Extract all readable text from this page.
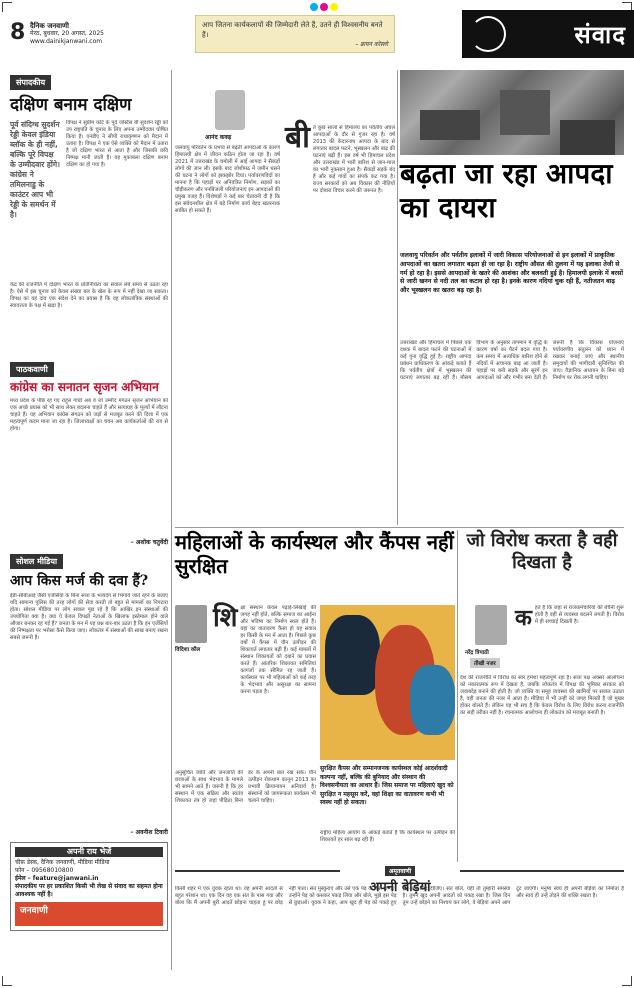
8 दैनिक जनवाणी
मेरठ, बुधवार, 20 अगस्त, 2025
www.dainikjanwani.com
आप जितना कार्यकलापों की जिम्मेदारी लेते हैं, उतने ही विश्वसनीय बनते हैं।
– ब्रायन कोस्लो	संवाद
संपादकीय
दक्षिण बनाम दक्षिण
पूर्व संदिग्ध सुदर्शन रेड्डी केवल इंडिया ब्लॉक के ही नहीं, बल्कि पूरे विपक्ष के उम्मीदवार होंगे। कांग्रेस ने तमिलनाडु के काउंटर आप भी रेड्डी के समर्थन में है।
विपक्ष ने सुप्रीम कोर्ट के पूर्व जस्टिस बी सुदर्शन रेड्डी को उप राष्ट्रपति के चुनाव के लिए अपना उम्मीदवार घोषित किया है। एनडीए ने सीपी राधाकृष्णन को मैदान में उतारा है। विपक्ष ने एक ऐसे व्यक्ति को मैदान में उतारा है जो दक्षिण भारत से आता है और जिसकी छवि निष्पक्ष मानी जाती है। यह मुकाबला दक्षिण बनाम दक्षिण का हो गया है।
केंद्र की राजनीति में दक्षिण भारत के प्रतिनिधित्व का सवाल लंबे समय से उठता रहा है। ऐसे में इस चुनाव को केवल संख्या बल के खेल के रूप में नहीं देखा जा सकता। विपक्ष का यह दांव एक संदेश देने का प्रयास है कि वह लोकतांत्रिक संस्थाओं की स्वायत्तता के पक्ष में खड़ा है।
पाठकवाणी
कांग्रेस का सनातन सृजन अभियान
मध्य प्रदेश के पीछे रह गए राहुल गांधी अब वे जो उम्मीद मंगठन सृजन अभियान को एक अच्छे प्रयास को भी साथ लेकर बदलना चाहते हैं और सत्याग्रह के मूल्यों में लौटना चाहते हैं। यह अभियान कांग्रेस संगठन को जड़ों से मजबूत करने की दिशा में एक महत्वपूर्ण कदम माना जा रहा है। जिलाध्यक्षों का चयन अब कार्यकर्ताओं की राय से होगा।
– अशोक चतुर्वेदी
सोशल मीडिया
आप किस मर्ज की दवा हैं?
ईडी-सीबीआई जैसी एजेंसियों के बिना सत्ता के भव्यदंग से भिगाये जाते रहने के बजाए यदि सामान्य पुलिस की तरह लोगों की सेवा करती तो बहुत से मामलों का निपटारा होता। सोशल मीडिया पर लोग सवाल पूछ रहे हैं कि आखिर इन संस्थाओं की उपयोगिता क्या है। क्या ये केवल विपक्षी नेताओं के खिलाफ इस्तेमाल होने वाले औजार बनकर रह गई हैं? जनता के मन में यह प्रश्न बार-बार उठता है कि इन एजेंसियों की निष्पक्षता पर भरोसा कैसे किया जाए। लोकतंत्र में संस्थाओं की साख बनाए रखना सबसे जरूरी है।
– अवनीश टिवारी
अपनी राय भेजें
चीफ़ डेस्क, दैनिक जनवाणी, मीडिया मीडिया
फ़ोन – 09568010800
ईमेल – feature@janwani.in
संपादकीय पर हर प्रकाशित किसी भी लेख से संवाद का सहमत होना आवश्यक नहीं है।
जनवाणी
आनंद कक्ड़
जलवायु परिवर्तन के प्रभाव से बढ़ती आपदाओं के कारण हिमालयी क्षेत्र में जीवन कठिन होता जा रहा है। वर्ष 2021 में उत्तराखंड के चमोली में आई आपदा ने सैकड़ों लोगों की जान ली। इसके बाद जोशीमठ में जमीन धंसने की घटना ने लोगों को झकझोर दिया। पर्यावरणविदों का मानना है कि पहाड़ों पर अनियंत्रित निर्माण, सड़कों का चौड़ीकरण और पनबिजली परियोजनाएं इन आपदाओं की प्रमुख वजह हैं। विशेषज्ञों ने कई बार चेतावनी दी है कि इस संवेदनशील क्षेत्र में बड़े निर्माण कार्य बेहद खतरनाक साबित हो सकते हैं।
बी ते कुछ सालों से हिमालय का पर्वतीय अंचल आपदाओं के दौर से गुजर रहा है। वर्ष 2013 की केदारनाथ आपदा के बाद से लगातार बादल फटने, भूस्खलन और बाढ़ की घटनाएं बढ़ी हैं। इस वर्ष भी हिमाचल प्रदेश और उत्तराखंड में भारी बारिश से जान-माल का भारी नुकसान हुआ है। सैकड़ों सड़कें बंद हैं और कई गांवों का संपर्क कट गया है। राज्य सरकारों को अब विकास की नीतियों पर दोबारा विचार करने की जरूरत है।
बढ़ता जा रहा आपदा का दायरा
जलवायु परिवर्तन और पर्वतीय इलाकों में जारी विकास परियोजनाओं से इन इलाकों में प्राकृतिक आपदाओं का खतरा लगातार बढ़ता ही जा रहा है। राष्ट्रीय औसत की तुलना में यह इलाका तेजी से गर्म हो रहा है। इससे आपदाओं के खतरे की आशंका और बलवती हुई है। हिमालयी इलाके में बरसों से जारी खनन से नदी तल का कटाव हो रहा है। इनके कारण नदियां चुक रही हैं, नतीजतन बाढ़ और भूस्खलन का खतरा बढ़ रहा है।
उत्तराखंड और हिमाचल में पिछले एक दशक में बादल फटने की घटनाओं में कई गुना वृद्धि हुई है। राष्ट्रीय आपदा प्रबंधन प्राधिकरण के आंकड़े बताते हैं कि पर्वतीय क्षेत्रों में भूस्खलन की घटनाएं लगातार बढ़ रही हैं। मौसम विभाग के अनुसार तापमान में वृद्धि के कारण वर्षा का पैटर्न बदल गया है। कम समय में अत्यधिक बारिश होने से नदियों में अचानक बाढ़ आ जाती है। पहाड़ों पर बनी सड़कें और सुरंगें इन आपदाओं को और गंभीर बना देती हैं। जरूरी है कि विकास योजनाएं पर्यावरणीय संतुलन को ध्यान में रखकर बनाई जाएं और स्थानीय समुदायों की भागीदारी सुनिश्चित की जाए। वैज्ञानिक अध्ययन के बिना बड़े निर्माण पर रोक लगनी चाहिए।
महिलाओं के कार्यस्थल और कैंपस नहीं सुरक्षित
विदिशा कौल
शि क्षा संस्थान केवल पढ़ाई-लिखाई की जगह नहीं होते, बल्कि समाज का आईना और भविष्य का निर्माण स्थल होते हैं। यहां का वातावरण कैसा हो यह सवाल हर किसी के मन में आता है। पिछले कुछ वर्षों में कैंपस में यौन उत्पीड़न की शिकायतें लगातार बढ़ी हैं। कई मामलों में संस्थान शिकायतों को दबाने का प्रयास करते हैं। आंतरिक शिकायत समितियां कागजों तक सीमित रह जाती हैं। कार्यस्थल पर भी महिलाओं को कई तरह के भेदभाव और असुरक्षा का सामना करना पड़ता है।
सुरक्षित कैंपस और सम्मानजनक कार्यस्थल कोई आदर्शवादी कल्पना नहीं, बल्कि की बुनियाद और संस्थान की विश्वसनीयता का आधार हैं। जिस समाज पर महिलाएं खुद को सुरक्षित न महसूस करें, वहां शिक्षा का वातावरण कभी भी स्वस्थ नहीं हो सकता।
अनुसूचित जाति और जनजाति की छात्राओं के साथ भेदभाव के मामले भी सामने आते हैं। जरूरी है कि हर संस्थान में एक सक्रिय और स्वतंत्र शिकायत तंत्र हो जहां पीड़िता बिना डर के अपनी बात रख सके। यौन उत्पीड़न रोकथाम कानून 2013 का प्रभावी क्रियान्वयन अनिवार्य है। संस्थानों को जागरूकता कार्यक्रम भी चलाने चाहिए।
राष्ट्रीय महिला आयोग के आंकड़े बताते हैं कि कार्यस्थल पर उत्पीड़न की शिकायतें हर साल बढ़ रही हैं।
जो विरोध करता है वही दिखता है
नरेंद्र त्रिपाठी
तीखी नजर
क हते हैं कि जहां से राजकर्मचारियों की बेचैनी शुरू होती है वहीं से व्यवस्था बदलने लगती है। विरोध में ही सच्चाई दिखती है।
देश की राजनीति में विरोध का स्वर हमेशा महत्वपूर्ण रहा है। सत्ता पक्ष अक्सर आलोचना को नकारात्मक रूप में देखता है, जबकि लोकतंत्र में विपक्ष की भूमिका सरकार को जवाबदेह बनाने की होती है। जो व्यक्ति या समूह व्यवस्था की खामियों पर सवाल उठाता है, वही जनता की नजर में आता है। मीडिया में भी उन्हीं को जगह मिलती है जो मुखर होकर बोलते हैं। लेकिन यह भी सच है कि केवल विरोध के लिए विरोध करना राजनीति का सही तरीका नहीं है। रचनात्मक आलोचना ही लोकतंत्र को मजबूत बनाती है।
अमृतवाणी
अपनी बेड़ियां
किसी शहर में एक युवक रहता था। वह अपनी आदतों से बहुत परेशान था। एक दिन वह एक संत के पास गया और बोला कि मैं अपनी बुरी आदतें छोड़ना चाहता हूं पर छोड़ नहीं पाता। संत मुस्कुराए और उसे एक पेड़ के पास ले गए। उन्होंने पेड़ को कसकर पकड़ लिया और बोले, मुझे इस पेड़ से छुड़ाओ। युवक ने कहा, आप खुद ही पेड़ को पकड़े हुए हैं, आप छोड़ दीजिए। संत बोले, यही तो तुम्हारी समस्या है। तुमने खुद अपनी आदतों को पकड़ रखा है। जिस दिन तुम उन्हें छोड़ने का निश्चय कर लोगे, वे बेड़ियां अपने आप टूट जाएंगी। मनुष्य स्वयं ही अपनी बेड़ियों का निर्माता है और स्वयं ही उन्हें तोड़ने की शक्ति रखता है।
